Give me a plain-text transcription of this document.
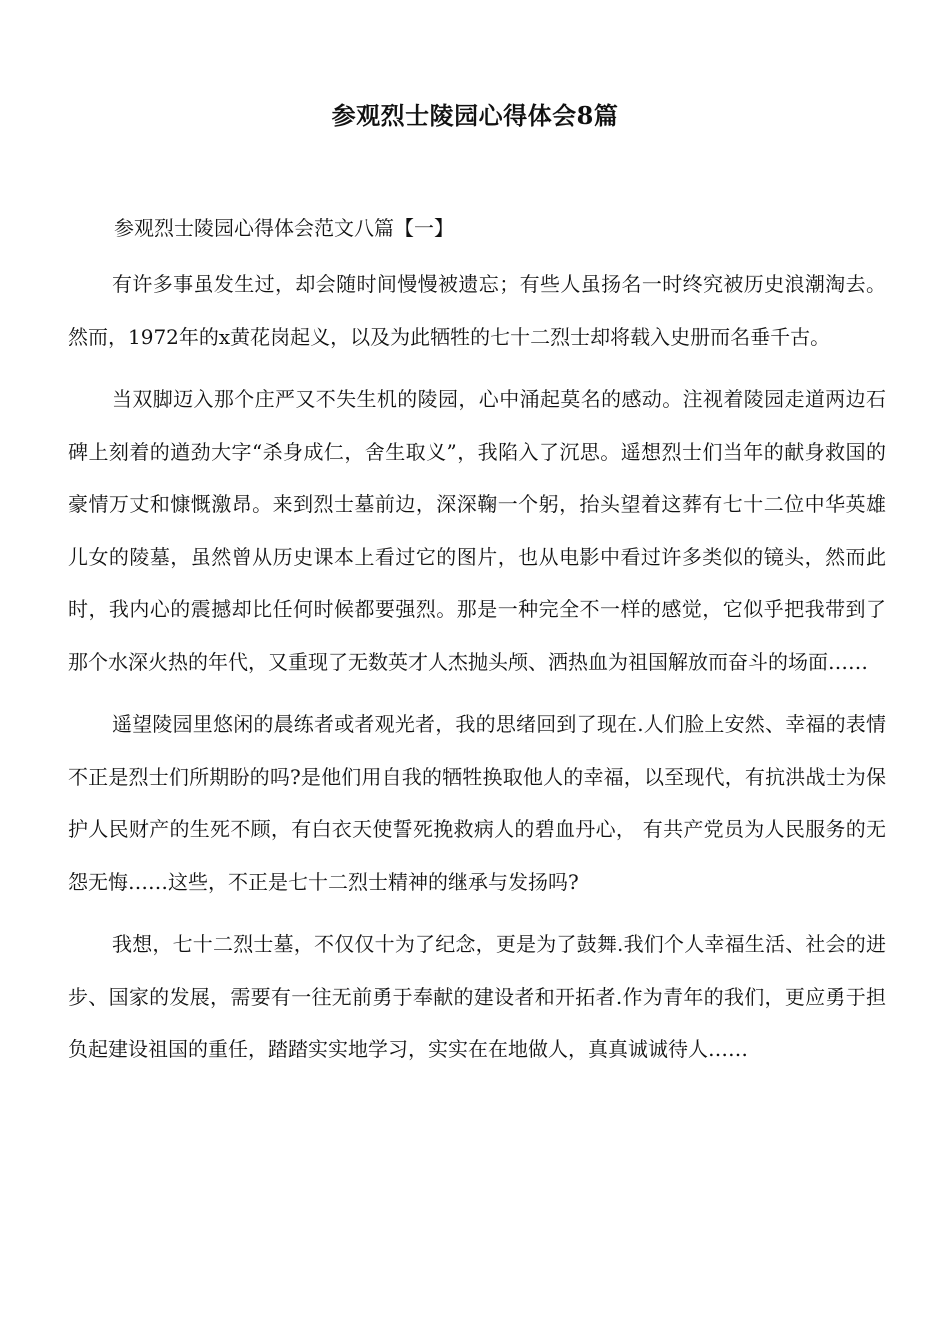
参观烈士陵园心得体会8篇

参观烈士陵园心得体会范文八篇【一】

有许多事虽发生过，却会随时间慢慢被遗忘；有些人虽扬名一时终究被历史浪潮淘去。然而，1972年的x黄花岗起义，以及为此牺牲的七十二烈士却将载入史册而名垂千古。

当双脚迈入那个庄严又不失生机的陵园，心中涌起莫名的感动。注视着陵园走道两边石碑上刻着的遒劲大字“杀身成仁，舍生取义”，我陷入了沉思。遥想烈士们当年的献身救国的豪情万丈和慷慨激昂。来到烈士墓前边，深深鞠一个躬，抬头望着这葬有七十二位中华英雄儿女的陵墓，虽然曾从历史课本上看过它的图片，也从电影中看过许多类似的镜头，然而此时，我内心的震撼却比任何时候都要强烈。那是一种完全不一样的感觉，它似乎把我带到了那个水深火热的年代，又重现了无数英才人杰抛头颅、洒热血为祖国解放而奋斗的场面……

遥望陵园里悠闲的晨练者或者观光者，我的思绪回到了现在.人们脸上安然、幸福的表情不正是烈士们所期盼的吗?是他们用自我的牺牲换取他人的幸福，以至现代，有抗洪战士为保护人民财产的生死不顾，有白衣天使誓死挽救病人的碧血丹心， 有共产党员为人民服务的无怨无悔……这些，不正是七十二烈士精神的继承与发扬吗?

我想，七十二烈士墓，不仅仅十为了纪念，更是为了鼓舞.我们个人幸福生活、社会的进步、国家的发展，需要有一往无前勇于奉献的建设者和开拓者.作为青年的我们，更应勇于担负起建设祖国的重任，踏踏实实地学习，实实在在地做人，真真诚诚待人……
